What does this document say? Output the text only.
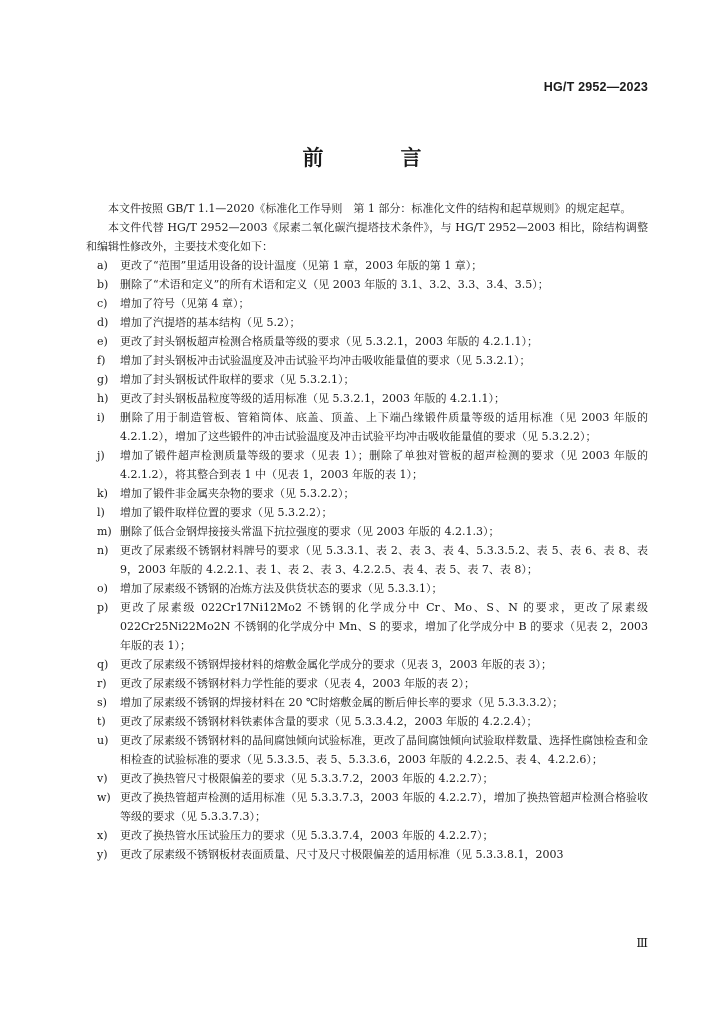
HG/T 2952—2023
前　言

本文件按照 GB/T 1.1—2020《标准化工作导则　第 1 部分：标准化文件的结构和起草规则》的规定起草。

本文件代替 HG/T 2952—2003《尿素二氧化碳汽提塔技术条件》，与 HG/T 2952—2003 相比，除结构调整和编辑性修改外，主要技术变化如下：

a)	更改了“范围”里适用设备的设计温度（见第 1 章，2003 年版的第 1 章）；
b)	删除了“术语和定义”的所有术语和定义（见 2003 年版的 3.1、3.2、3.3、3.4、3.5）；
c)	增加了符号（见第 4 章）；
d)	增加了汽提塔的基本结构（见 5.2）；
e)	更改了封头钢板超声检测合格质量等级的要求（见 5.3.2.1，2003 年版的 4.2.1.1）；
f)	增加了封头钢板冲击试验温度及冲击试验平均冲击吸收能量值的要求（见 5.3.2.1）；
g)	增加了封头钢板试件取样的要求（见 5.3.2.1）；
h)	更改了封头钢板晶粒度等级的适用标准（见 5.3.2.1，2003 年版的 4.2.1.1）；
i)	删除了用于制造管板、管箱筒体、底盖、顶盖、上下端凸缘锻件质量等级的适用标准（见 2003 年版的 4.2.1.2），增加了这些锻件的冲击试验温度及冲击试验平均冲击吸收能量值的要求（见 5.3.2.2）；
j)	增加了锻件超声检测质量等级的要求（见表 1）；删除了单独对管板的超声检测的要求（见 2003 年版的 4.2.1.2），将其整合到表 1 中（见表 1，2003 年版的表 1）；
k)	增加了锻件非金属夹杂物的要求（见 5.3.2.2）；
l)	增加了锻件取样位置的要求（见 5.3.2.2）；
m) 删除了低合金钢焊接接头常温下抗拉强度的要求（见 2003 年版的 4.2.1.3）；
n)	更改了尿素级不锈钢材料牌号的要求（见 5.3.3.1、表 2、表 3、表 4、5.3.3.5.2、表 5、表 6、表 8、表 9，2003 年版的 4.2.2.1、表 1、表 2、表 3、4.2.2.5、表 4、表 5、表 7、表 8）；
o)	增加了尿素级不锈钢的冶炼方法及供货状态的要求（见 5.3.3.1）；
p)	更改了尿素级 022Cr17Ni12Mo2 不锈钢的化学成分中 Cr、Mo、S、N 的要求，更改了尿素级 022Cr25Ni22Mo2N 不锈钢的化学成分中 Mn、S 的要求，增加了化学成分中 B 的要求（见表 2，2003 年版的表 1）；
q)	更改了尿素级不锈钢焊接材料的熔敷金属化学成分的要求（见表 3，2003 年版的表 3）；
r)	更改了尿素级不锈钢材料力学性能的要求（见表 4，2003 年版的表 2）；
s)	增加了尿素级不锈钢的焊接材料在 20 ℃时熔敷金属的断后伸长率的要求（见 5.3.3.3.2）；
t)	更改了尿素级不锈钢材料铁素体含量的要求（见 5.3.3.4.2，2003 年版的 4.2.2.4）；
u)	更改了尿素级不锈钢材料的晶间腐蚀倾向试验标准，更改了晶间腐蚀倾向试验取样数量、选择性腐蚀检查和金相检查的试验标准的要求（见 5.3.3.5、表 5、5.3.3.6，2003 年版的 4.2.2.5、表 4、4.2.2.6）；
v)	更改了换热管尺寸极限偏差的要求（见 5.3.3.7.2，2003 年版的 4.2.2.7）；
w) 更改了换热管超声检测的适用标准（见 5.3.3.7.3，2003 年版的 4.2.2.7），增加了换热管超声检测合格验收等级的要求（见 5.3.3.7.3）；
x)	更改了换热管水压试验压力的要求（见 5.3.3.7.4，2003 年版的 4.2.2.7）；
y)	更改了尿素级不锈钢板材表面质量、尺寸及尺寸极限偏差的适用标准（见 5.3.3.8.1，2003
Ⅲ
